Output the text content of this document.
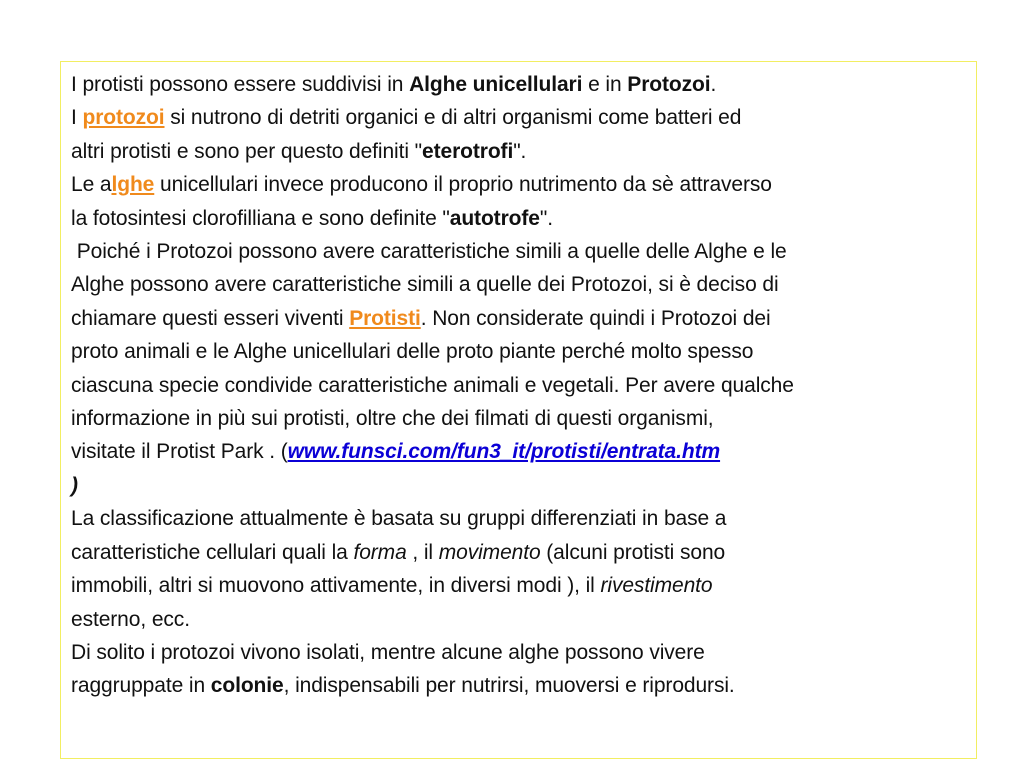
I protisti possono essere suddivisi in Alghe unicellulari e in Protozoi.
I protozoi si nutrono di detriti organici e di altri organismi come batteri ed
altri protisti e sono per questo definiti "eterotrofi".
Le alghe unicellulari invece producono il proprio nutrimento da sè attraverso
la fotosintesi clorofilliana e sono definite "autotrofe".
Poiché i Protozoi possono avere caratteristiche simili a quelle delle Alghe e le
Alghe possono avere caratteristiche simili a quelle dei Protozoi, si è deciso di
chiamare questi esseri viventi Protisti. Non considerate quindi i Protozoi dei
proto animali e le Alghe unicellulari delle proto piante perché molto spesso
ciascuna specie condivide caratteristiche animali e vegetali. Per avere qualche
informazione in più sui protisti, oltre che dei filmati di questi organismi,
visitate il Protist Park . (www.funsci.com/fun3_it/protisti/entrata.htm
)
La classificazione attualmente è basata su gruppi differenziati in base a
caratteristiche cellulari quali la forma , il movimento (alcuni protisti sono
immobili, altri si muovono attivamente, in diversi modi ), il rivestimento
esterno, ecc.
Di solito i protozoi vivono isolati, mentre alcune alghe possono vivere
raggruppate in colonie, indispensabili per nutrirsi, muoversi e riprodursi.
